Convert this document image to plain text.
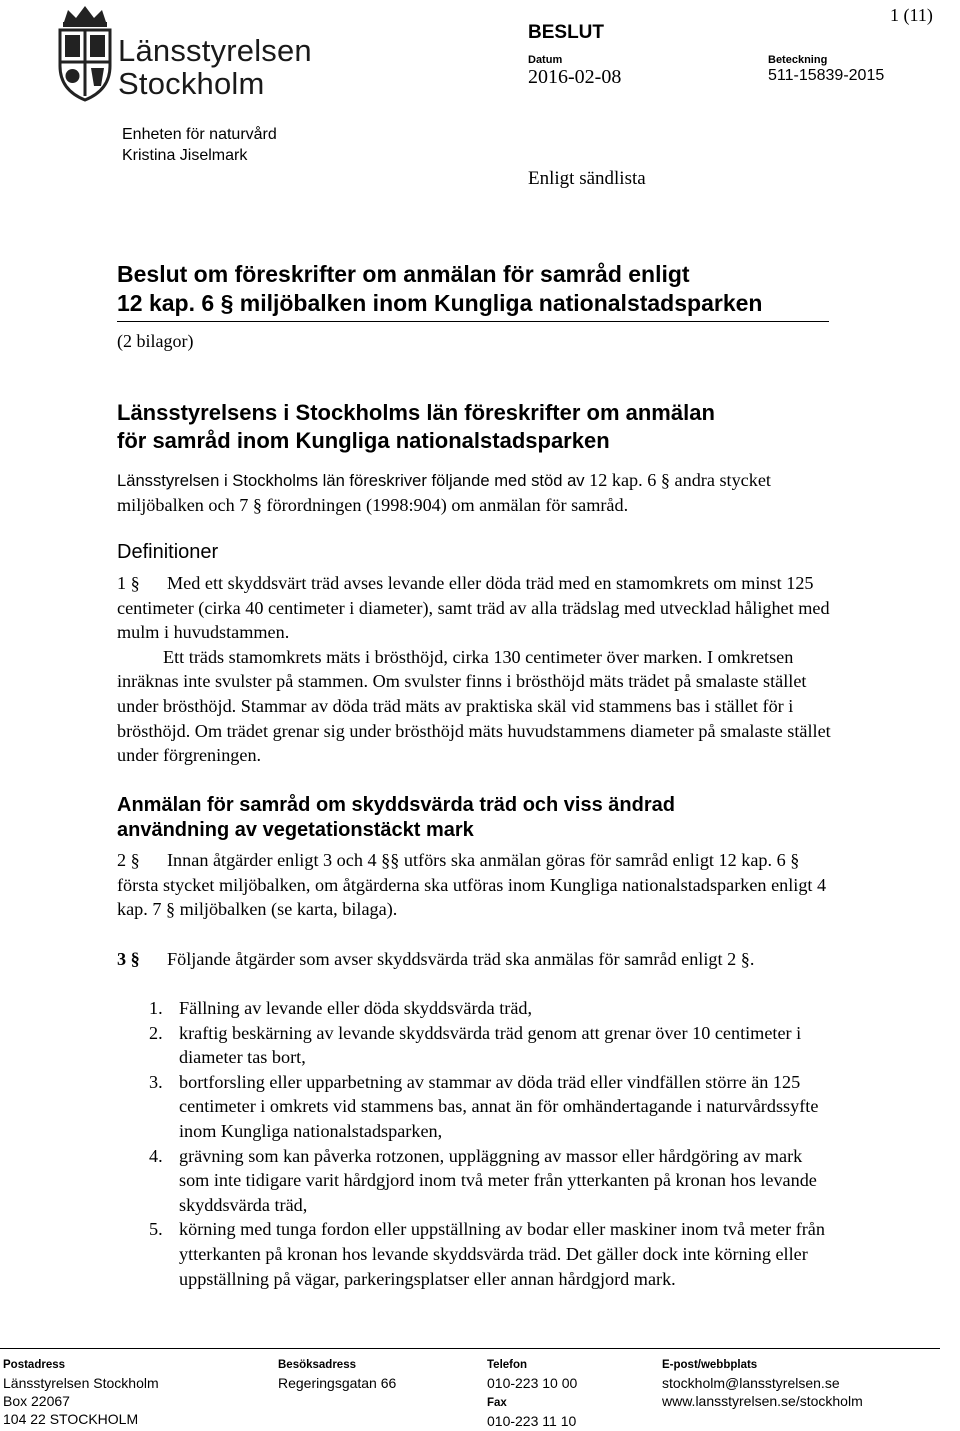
Länsstyrelsen
Stockholm
BESLUT
Datum
2016-02-08
Beteckning
511-15839-2015
1 (11)
Enheten för naturvård
Kristina Jiselmark
Enligt sändlista
Beslut om föreskrifter om anmälan för samråd enligt
12 kap. 6 § miljöbalken inom Kungliga nationalstadsparken
(2 bilagor)
Länsstyrelsens i Stockholms län föreskrifter om anmälan
för samråd inom Kungliga nationalstadsparken
Länsstyrelsen i Stockholms län föreskriver följande med stöd av 12 kap. 6 § andra stycket miljöbalken och 7 § förordningen (1998:904) om anmälan för samråd.
Definitioner
1 § Med ett skyddsvärt träd avses levande eller döda träd med en stamomkrets om minst 125 centimeter (cirka 40 centimeter i diameter), samt träd av alla trädslag med utvecklad hålighet med mulm i huvudstammen.
Ett träds stamomkrets mäts i brösthöjd, cirka 130 centimeter över marken. I omkretsen inräknas inte svulster på stammen. Om svulster finns i brösthöjd mäts trädet på smalaste stället under brösthöjd. Stammar av döda träd mäts av praktiska skäl vid stammens bas i stället för i brösthöjd. Om trädet grenar sig under brösthöjd mäts huvudstammens diameter på smalaste stället under förgreningen.
Anmälan för samråd om skyddsvärda träd och viss ändrad
användning av vegetationstäckt mark
2 § Innan åtgärder enligt 3 och 4 §§ utförs ska anmälan göras för samråd enligt 12 kap. 6 § första stycket miljöbalken, om åtgärderna ska utföras inom Kungliga nationalstadsparken enligt 4 kap. 7 § miljöbalken (se karta, bilaga).
3 § Följande åtgärder som avser skyddsvärda träd ska anmälas för samråd enligt 2 §.
1. Fällning av levande eller döda skyddsvärda träd,
2. kraftig beskärning av levande skyddsvärda träd genom att grenar över 10 centimeter i diameter tas bort,
3. bortforsling eller upparbetning av stammar av döda träd eller vindfällen större än 125 centimeter i omkrets vid stammens bas, annat än för omhändertagande i naturvårdssyfte inom Kungliga nationalstadsparken,
4. grävning som kan påverka rotzonen, uppläggning av massor eller hårdgöring av mark som inte tidigare varit hårdgjord inom två meter från ytterkanten på kronan hos levande skyddsvärda träd,
5. körning med tunga fordon eller uppställning av bodar eller maskiner inom två meter från ytterkanten på kronan hos levande skyddsvärda träd. Det gäller dock inte körning eller uppställning på vägar, parkeringsplatser eller annan hårdgjord mark.
Postadress
Länsstyrelsen Stockholm
Box 22067
104 22 STOCKHOLM
Besöksadress
Regeringsgatan 66
Telefon
010-223 10 00
Fax
010-223 11 10
E-post/webbplats
stockholm@lansstyrelsen.se
www.lansstyrelsen.se/stockholm
